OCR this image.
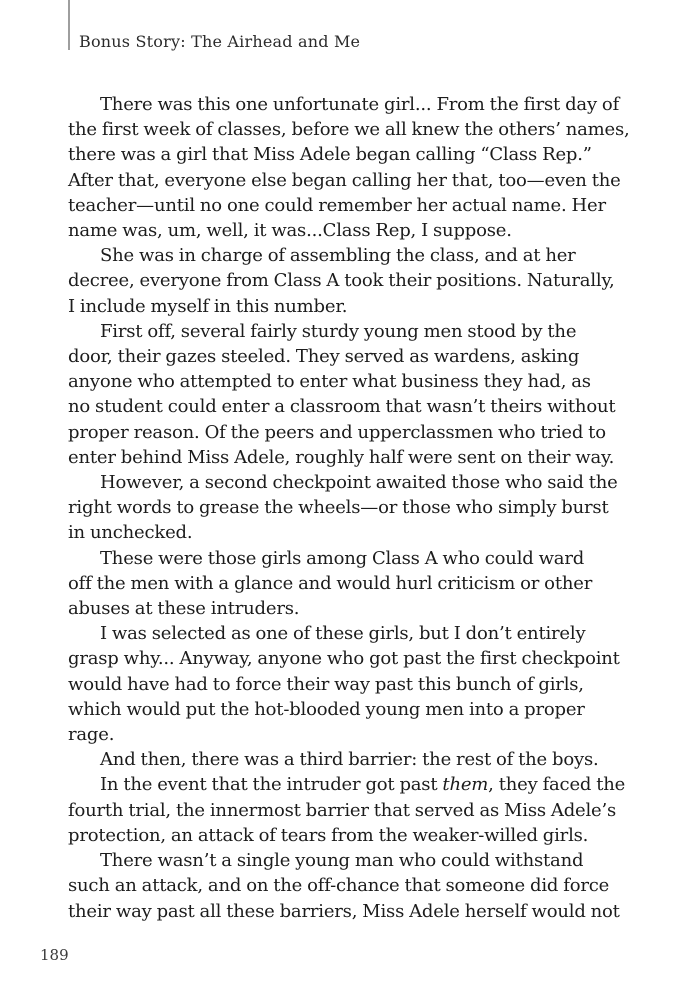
Bonus Story: The Airhead and Me
There was this one unfortunate girl... From the first day of
the first week of classes, before we all knew the others’ names,
there was a girl that Miss Adele began calling “Class Rep.”
After that, everyone else began calling her that, too—even the
teacher—until no one could remember her actual name. Her
name was, um, well, it was...Class Rep, I suppose.
She was in charge of assembling the class, and at her
decree, everyone from Class A took their positions. Naturally,
I include myself in this number.
First off, several fairly sturdy young men stood by the
door, their gazes steeled. They served as wardens, asking
anyone who attempted to enter what business they had, as
no student could enter a classroom that wasn’t theirs without
proper reason. Of the peers and upperclassmen who tried to
enter behind Miss Adele, roughly half were sent on their way.
However, a second checkpoint awaited those who said the
right words to grease the wheels—or those who simply burst
in unchecked.
These were those girls among Class A who could ward
off the men with a glance and would hurl criticism or other
abuses at these intruders.
I was selected as one of these girls, but I don’t entirely
grasp why... Anyway, anyone who got past the first checkpoint
would have had to force their way past this bunch of girls,
which would put the hot-blooded young men into a proper
rage.
And then, there was a third barrier: the rest of the boys.
In the event that the intruder got past them, they faced the
fourth trial, the innermost barrier that served as Miss Adele’s
protection, an attack of tears from the weaker-willed girls.
There wasn’t a single young man who could withstand
such an attack, and on the off-chance that someone did force
their way past all these barriers, Miss Adele herself would not
189
